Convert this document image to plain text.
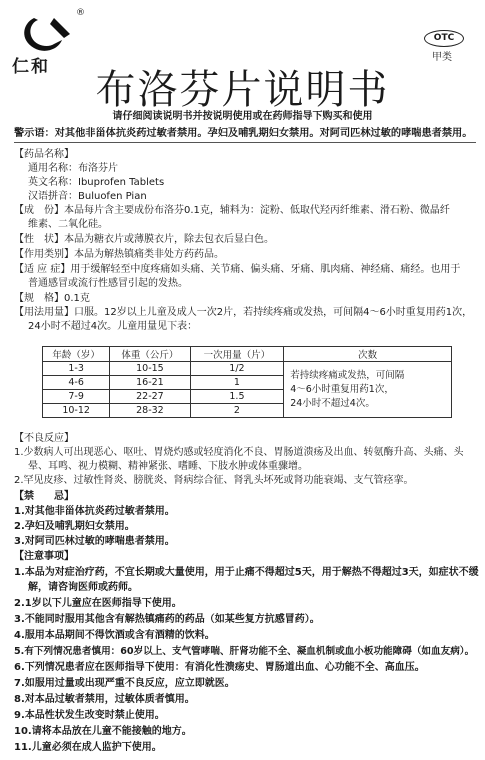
®
仁和
OTC
甲类
布洛芬片说明书
请仔细阅读说明书并按说明使用或在药师指导下购买和使用
警示语：对其他非甾体抗炎药过敏者禁用。孕妇及哺乳期妇女禁用。对阿司匹林过敏的哮喘患者禁用。
【药品名称】
通用名称：布洛芬片
英文名称：Ibuprofen Tablets
汉语拼音：Buluofen Pian
【成　份】本品每片含主要成份布洛芬0.1克，辅料为：淀粉、低取代羟丙纤维素、滑石粉、微晶纤
维素、二氧化硅。
【性　状】本品为糖衣片或薄膜衣片，除去包衣后显白色。
【作用类别】本品为解热镇痛类非处方药药品。
【适 应 症】用于缓解轻至中度疼痛如头痛、关节痛、偏头痛、牙痛、肌肉痛、神经痛、痛经。也用于
普通感冒或流行性感冒引起的发热。
【规　格】0.1克
【用法用量】口服。12岁以上儿童及成人一次2片，若持续疼痛或发热，可间隔4～6小时重复用药1次，
24小时不超过4次。儿童用量见下表：
年龄（岁）	体重（公斤）	一次用量（片）	次数
1-3	10-15	1/2	若持续疼痛或发热，可间隔
4～6小时重复用药1次，
24小时不超过4次。

4-6	16-21	1	
7-9	22-27	1.5	
10-12	28-32	2	
【不良反应】
1.少数病人可出现恶心、呕吐、胃烧灼感或轻度消化不良、胃肠道溃疡及出血、转氨酶升高、头痛、头
晕、耳鸣、视力模糊、精神紧张、嗜睡、下肢水肿或体重骤增。
2.罕见皮疹、过敏性肾炎、膀胱炎、肾病综合征、肾乳头坏死或肾功能衰竭、支气管痉挛。
【禁　　忌】
1.对其他非甾体抗炎药过敏者禁用。
2.孕妇及哺乳期妇女禁用。
3.对阿司匹林过敏的哮喘患者禁用。
【注意事项】
1.本品为对症治疗药，不宜长期或大量使用，用于止痛不得超过5天，用于解热不得超过3天，如症状不缓
解，请咨询医师或药师。
2.1岁以下儿童应在医师指导下使用。
3.不能同时服用其他含有解热镇痛药的药品（如某些复方抗感冒药）。
4.服用本品期间不得饮酒或含有酒精的饮料。
5.有下列情况患者慎用：60岁以上、支气管哮喘、肝肾功能不全、凝血机制或血小板功能障碍（如血友病）。
6.下列情况患者应在医师指导下使用：有消化性溃疡史、胃肠道出血、心功能不全、高血压。
7.如服用过量或出现严重不良反应，应立即就医。
8.对本品过敏者禁用，过敏体质者慎用。
9.本品性状发生改变时禁止使用。
10.请将本品放在儿童不能接触的地方。
11.儿童必须在成人监护下使用。
